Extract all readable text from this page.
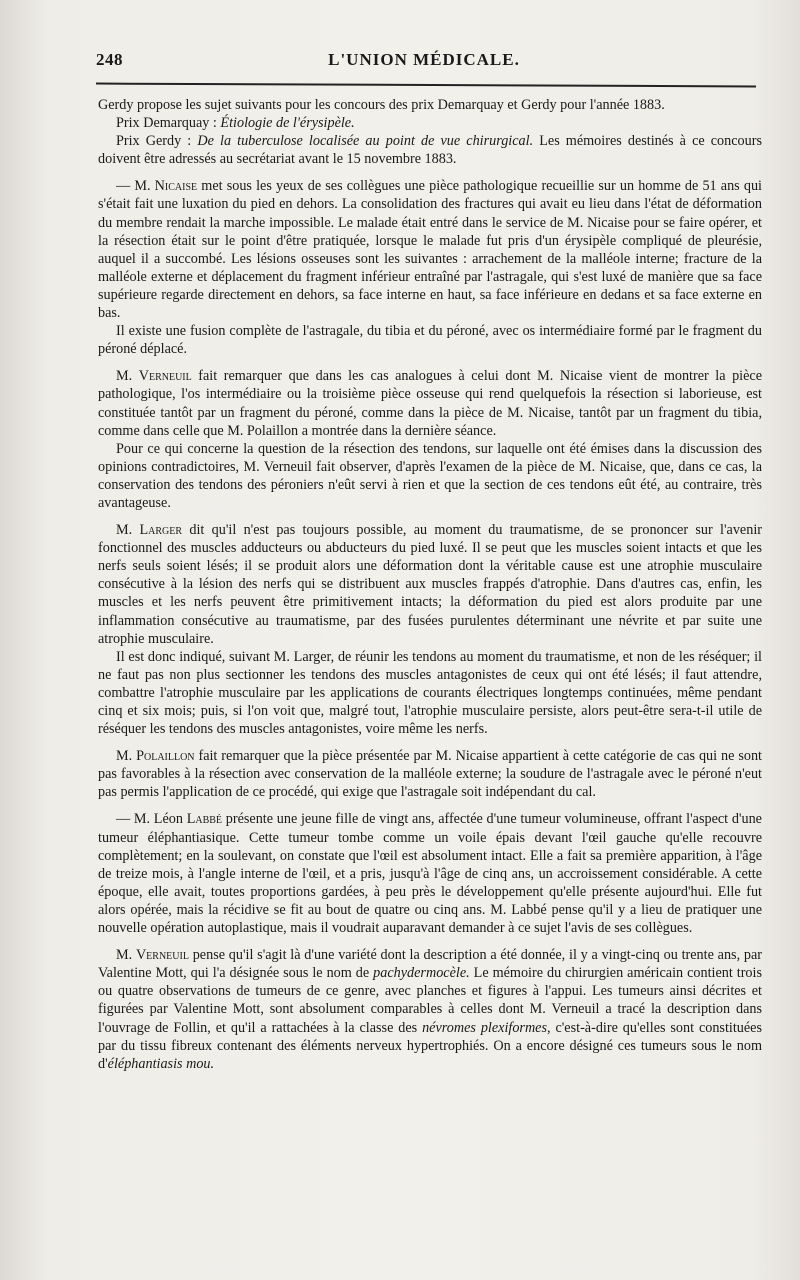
248	L'UNION MÉDICALE.

Gerdy propose les sujet suivants pour les concours des prix Demarquay et Gerdy pour l'année 1883.

Prix Demarquay : Étiologie de l'érysipèle.

Prix Gerdy : De la tuberculose localisée au point de vue chirurgical. Les mémoires destinés à ce concours doivent être adressés au secrétariat avant le 15 novembre 1883.

— M. Nicaise met sous les yeux de ses collègues une pièce pathologique recueillie sur un homme de 51 ans qui s'était fait une luxation du pied en dehors. La consolidation des fractures qui avait eu lieu dans l'état de déformation du membre rendait la marche impossible. Le malade était entré dans le service de M. Nicaise pour se faire opérer, et la résection était sur le point d'être pratiquée, lorsque le malade fut pris d'un érysipèle compliqué de pleurésie, auquel il a succombé. Les lésions osseuses sont les suivantes : arrachement de la malléole interne; fracture de la malléole externe et déplacement du fragment inférieur entraîné par l'astragale, qui s'est luxé de manière que sa face supérieure regarde directement en dehors, sa face interne en haut, sa face inférieure en dedans et sa face externe en bas.

Il existe une fusion complète de l'astragale, du tibia et du péroné, avec os intermédiaire formé par le fragment du péroné déplacé.

M. Verneuil fait remarquer que dans les cas analogues à celui dont M. Nicaise vient de montrer la pièce pathologique, l'os intermédiaire ou la troisième pièce osseuse qui rend quelquefois la résection si laborieuse, est constituée tantôt par un fragment du péroné, comme dans la pièce de M. Nicaise, tantôt par un fragment du tibia, comme dans celle que M. Polaillon a montrée dans la dernière séance.

Pour ce qui concerne la question de la résection des tendons, sur laquelle ont été émises dans la discussion des opinions contradictoires, M. Verneuil fait observer, d'après l'examen de la pièce de M. Nicaise, que, dans ce cas, la conservation des tendons des péroniers n'eût servi à rien et que la section de ces tendons eût été, au contraire, très avantageuse.

M. Larger dit qu'il n'est pas toujours possible, au moment du traumatisme, de se prononcer sur l'avenir fonctionnel des muscles adducteurs ou abducteurs du pied luxé. Il se peut que les muscles soient intacts et que les nerfs seuls soient lésés; il se produit alors une déformation dont la véritable cause est une atrophie musculaire consécutive à la lésion des nerfs qui se distribuent aux muscles frappés d'atrophie. Dans d'autres cas, enfin, les muscles et les nerfs peuvent être primitivement intacts; la déformation du pied est alors produite par une inflammation consécutive au traumatisme, par des fusées purulentes déterminant une névrite et par suite une atrophie musculaire.

Il est donc indiqué, suivant M. Larger, de réunir les tendons au moment du traumatisme, et non de les réséquer; il ne faut pas non plus sectionner les tendons des muscles antagonistes de ceux qui ont été lésés; il faut attendre, combattre l'atrophie musculaire par les applications de courants électriques longtemps continuées, même pendant cinq et six mois; puis, si l'on voit que, malgré tout, l'atrophie musculaire persiste, alors peut-être sera-t-il utile de réséquer les tendons des muscles antagonistes, voire même les nerfs.

M. Polaillon fait remarquer que la pièce présentée par M. Nicaise appartient à cette catégorie de cas qui ne sont pas favorables à la résection avec conservation de la malléole externe; la soudure de l'astragale avec le péroné n'eut pas permis l'application de ce procédé, qui exige que l'astragale soit indépendant du cal.

— M. Léon Labbé présente une jeune fille de vingt ans, affectée d'une tumeur volumineuse, offrant l'aspect d'une tumeur éléphantiasique. Cette tumeur tombe comme un voile épais devant l'œil gauche qu'elle recouvre complètement; en la soulevant, on constate que l'œil est absolument intact. Elle a fait sa première apparition, à l'âge de treize mois, à l'angle interne de l'œil, et a pris, jusqu'à l'âge de cinq ans, un accroissement considérable. A cette époque, elle avait, toutes proportions gardées, à peu près le développement qu'elle présente aujourd'hui. Elle fut alors opérée, mais la récidive se fit au bout de quatre ou cinq ans. M. Labbé pense qu'il y a lieu de pratiquer une nouvelle opération autoplastique, mais il voudrait auparavant demander à ce sujet l'avis de ses collègues.

M. Verneuil pense qu'il s'agit là d'une variété dont la description a été donnée, il y a vingt-cinq ou trente ans, par Valentine Mott, qui l'a désignée sous le nom de pachydermocèle. Le mémoire du chirurgien américain contient trois ou quatre observations de tumeurs de ce genre, avec planches et figures à l'appui. Les tumeurs ainsi décrites et figurées par Valentine Mott, sont absolument comparables à celles dont M. Verneuil a tracé la description dans l'ouvrage de Follin, et qu'il a rattachées à la classe des névromes plexiformes, c'est-à-dire qu'elles sont constituées par du tissu fibreux contenant des éléments nerveux hypertrophiés. On a encore désigné ces tumeurs sous le nom d'éléphantiasis mou.
